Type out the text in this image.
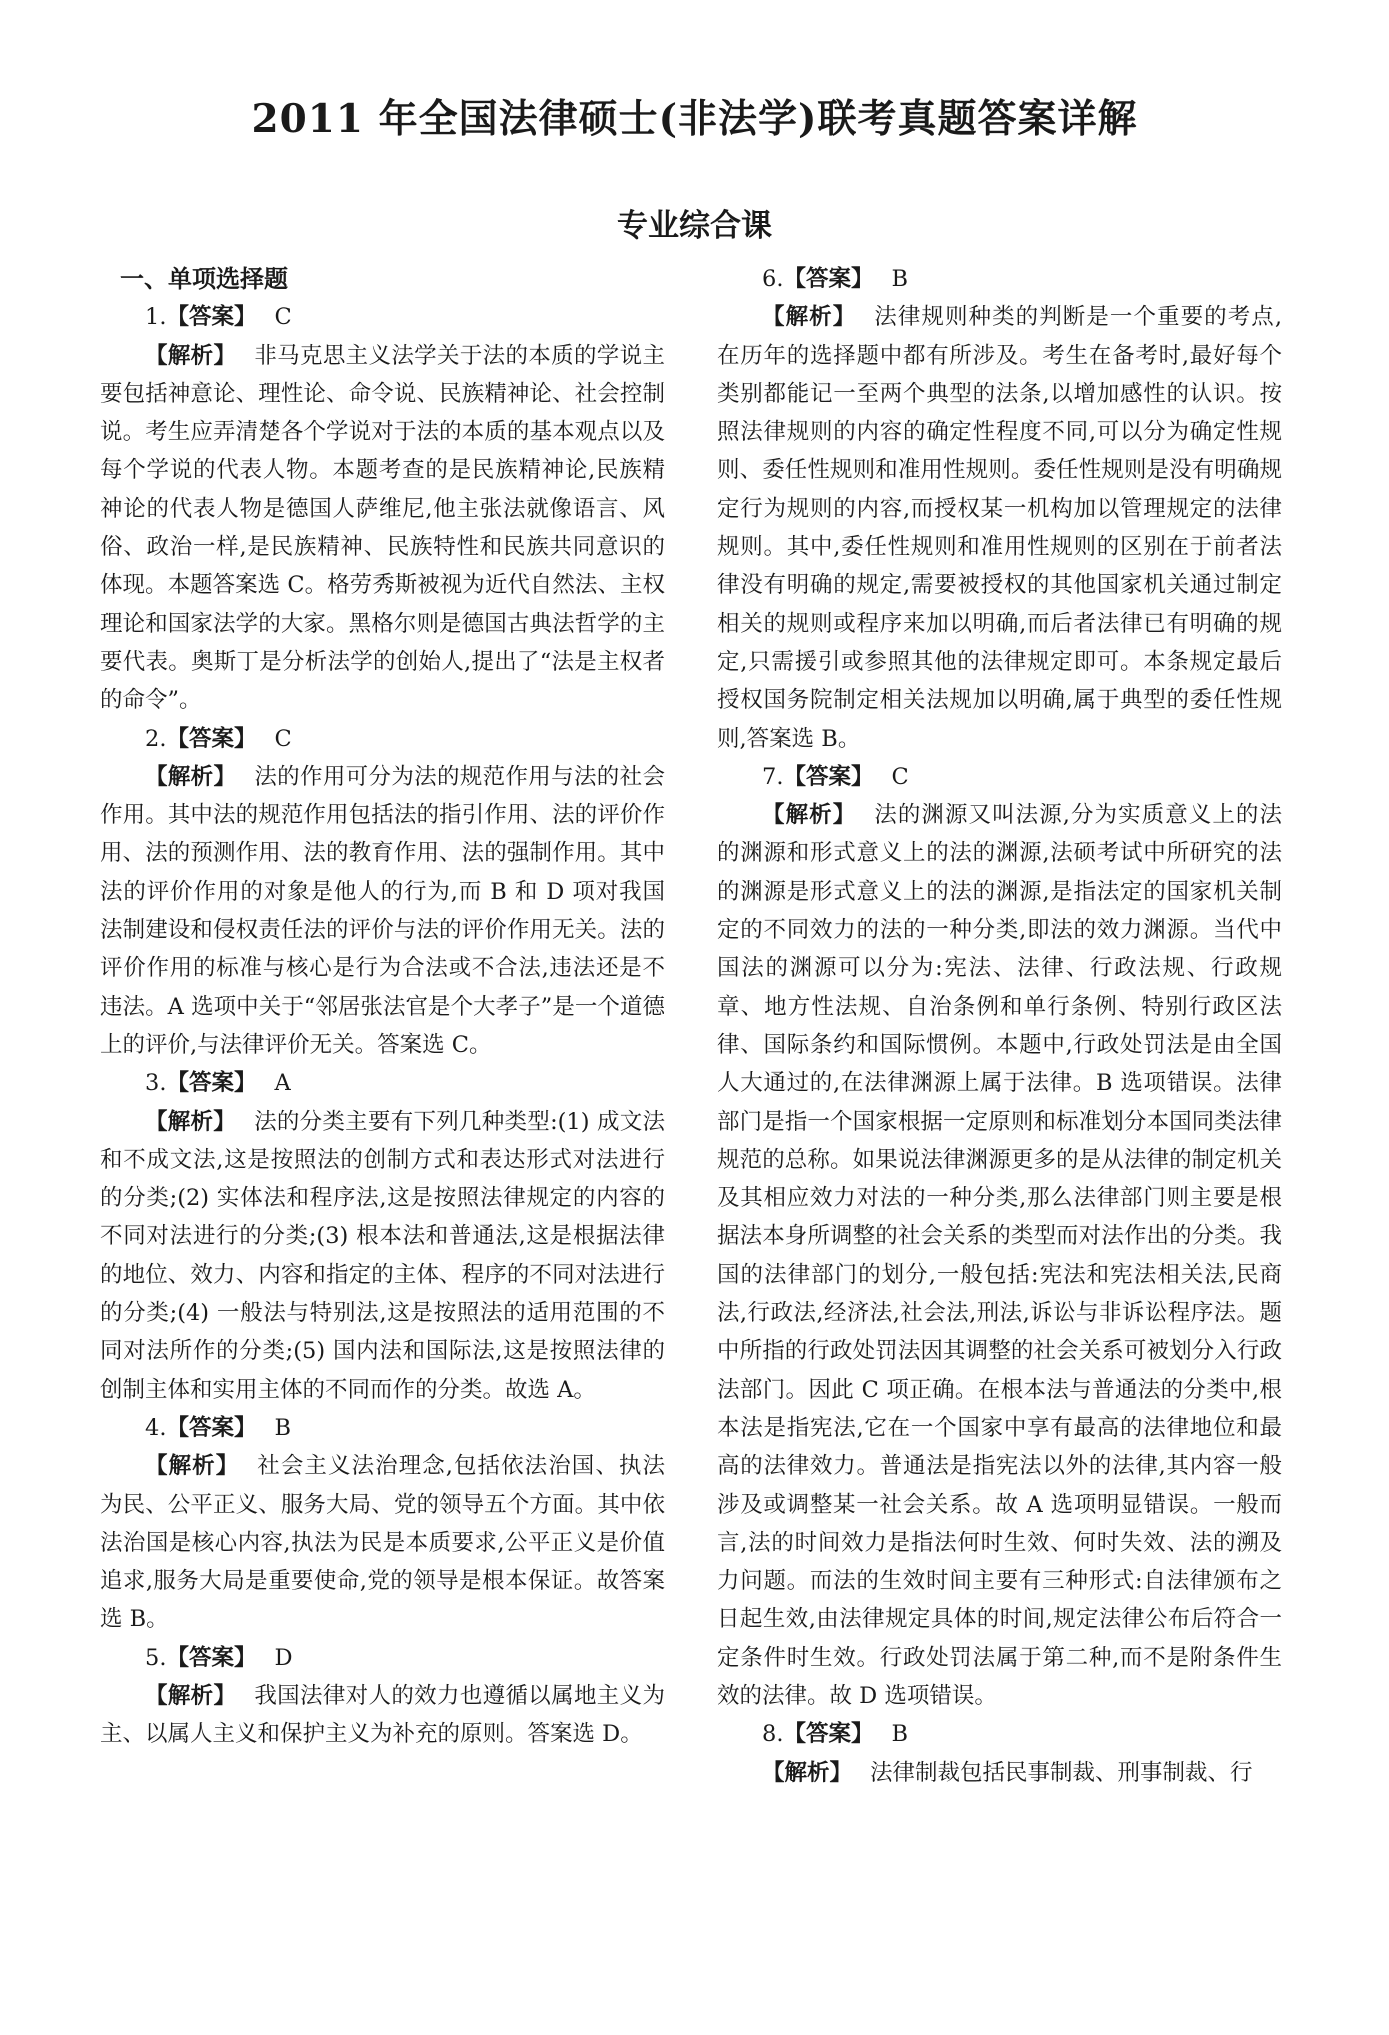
2011 年全国法律硕士(非法学)联考真题答案详解
专业综合课

一、单项选择题

1.【答案】 C

【解析】 非马克思主义法学关于法的本质的学说主要包括神意论、理性论、命令说、民族精神论、社会控制说。考生应弄清楚各个学说对于法的本质的基本观点以及每个学说的代表人物。本题考查的是民族精神论,民族精神论的代表人物是德国人萨维尼,他主张法就像语言、风俗、政治一样,是民族精神、民族特性和民族共同意识的体现。本题答案选 C。格劳秀斯被视为近代自然法、主权理论和国家法学的大家。黑格尔则是德国古典法哲学的主要代表。奥斯丁是分析法学的创始人,提出了“法是主权者的命令”。

2.【答案】 C

【解析】 法的作用可分为法的规范作用与法的社会作用。其中法的规范作用包括法的指引作用、法的评价作用、法的预测作用、法的教育作用、法的强制作用。其中法的评价作用的对象是他人的行为,而 B 和 D 项对我国法制建设和侵权责任法的评价与法的评价作用无关。法的评价作用的标准与核心是行为合法或不合法,违法还是不违法。A 选项中关于“邻居张法官是个大孝子”是一个道德上的评价,与法律评价无关。答案选 C。

3.【答案】 A

【解析】 法的分类主要有下列几种类型:(1) 成文法和不成文法,这是按照法的创制方式和表达形式对法进行的分类;(2) 实体法和程序法,这是按照法律规定的内容的不同对法进行的分类;(3) 根本法和普通法,这是根据法律的地位、效力、内容和指定的主体、程序的不同对法进行的分类;(4) 一般法与特别法,这是按照法的适用范围的不同对法所作的分类;(5) 国内法和国际法,这是按照法律的创制主体和实用主体的不同而作的分类。故选 A。

4.【答案】 B

【解析】 社会主义法治理念,包括依法治国、执法为民、公平正义、服务大局、党的领导五个方面。其中依法治国是核心内容,执法为民是本质要求,公平正义是价值追求,服务大局是重要使命,党的领导是根本保证。故答案选 B。

5.【答案】 D

【解析】 我国法律对人的效力也遵循以属地主义为主、以属人主义和保护主义为补充的原则。答案选 D。

6.【答案】 B

【解析】 法律规则种类的判断是一个重要的考点,在历年的选择题中都有所涉及。考生在备考时,最好每个类别都能记一至两个典型的法条,以增加感性的认识。按照法律规则的内容的确定性程度不同,可以分为确定性规则、委任性规则和准用性规则。委任性规则是没有明确规定行为规则的内容,而授权某一机构加以管理规定的法律规则。其中,委任性规则和准用性规则的区别在于前者法律没有明确的规定,需要被授权的其他国家机关通过制定相关的规则或程序来加以明确,而后者法律已有明确的规定,只需援引或参照其他的法律规定即可。本条规定最后授权国务院制定相关法规加以明确,属于典型的委任性规则,答案选 B。

7.【答案】 C

【解析】 法的渊源又叫法源,分为实质意义上的法的渊源和形式意义上的法的渊源,法硕考试中所研究的法的渊源是形式意义上的法的渊源,是指法定的国家机关制定的不同效力的法的一种分类,即法的效力渊源。当代中国法的渊源可以分为:宪法、法律、行政法规、行政规章、地方性法规、自治条例和单行条例、特别行政区法律、国际条约和国际惯例。本题中,行政处罚法是由全国人大通过的,在法律渊源上属于法律。B 选项错误。法律部门是指一个国家根据一定原则和标准划分本国同类法律规范的总称。如果说法律渊源更多的是从法律的制定机关及其相应效力对法的一种分类,那么法律部门则主要是根据法本身所调整的社会关系的类型而对法作出的分类。我国的法律部门的划分,一般包括:宪法和宪法相关法,民商法,行政法,经济法,社会法,刑法,诉讼与非诉讼程序法。题中所指的行政处罚法因其调整的社会关系可被划分入行政法部门。因此 C 项正确。在根本法与普通法的分类中,根本法是指宪法,它在一个国家中享有最高的法律地位和最高的法律效力。普通法是指宪法以外的法律,其内容一般涉及或调整某一社会关系。故 A 选项明显错误。一般而言,法的时间效力是指法何时生效、何时失效、法的溯及力问题。而法的生效时间主要有三种形式:自法律颁布之日起生效,由法律规定具体的时间,规定法律公布后符合一定条件时生效。行政处罚法属于第二种,而不是附条件生效的法律。故 D 选项错误。

8.【答案】 B

【解析】 法律制裁包括民事制裁、刑事制裁、行
